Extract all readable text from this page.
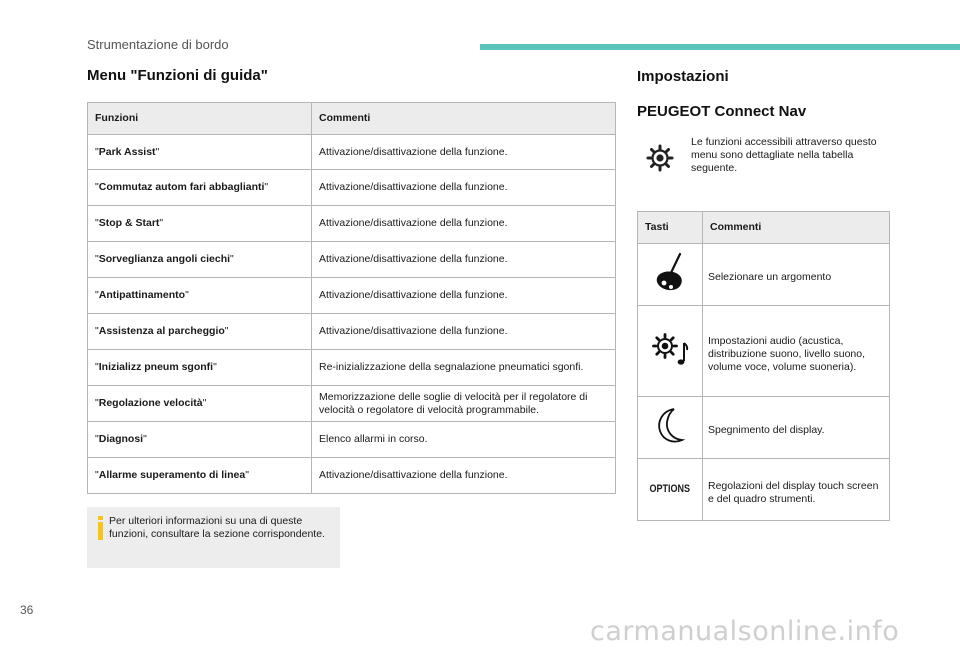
Strumentazione di bordo
Menu "Funzioni di guida"
Funzioni	Commenti
"Park Assist"	Attivazione/disattivazione della funzione.
"Commutaz autom fari abbaglianti"	Attivazione/disattivazione della funzione.
"Stop & Start"	Attivazione/disattivazione della funzione.
"Sorveglianza angoli ciechi"	Attivazione/disattivazione della funzione.
"Antipattinamento"	Attivazione/disattivazione della funzione.
"Assistenza al parcheggio"	Attivazione/disattivazione della funzione.
"Inizializz pneum sgonfi"	Re-inizializzazione della segnalazione pneumatici sgonfi.
"Regolazione velocità"	Memorizzazione delle soglie di velocità per il regolatore di velocità o regolatore di velocità programmabile.
"Diagnosi"	Elenco allarmi in corso.
"Allarme superamento di linea"	Attivazione/disattivazione della funzione.
Per ulteriori informazioni su una di queste funzioni, consultare la sezione corrispondente.
Impostazioni
PEUGEOT Connect Nav
Le funzioni accessibili attraverso questo menu sono dettagliate nella tabella seguente.
Tasti	Commenti
	Selezionare un argomento
	Impostazioni audio (acustica, distribuzione suono, livello suono, volume voce, volume suoneria).
	Spegnimento del display.
OPTIONS	Regolazioni del display touch screen e del quadro strumenti.
36
carmanualsonline.info
